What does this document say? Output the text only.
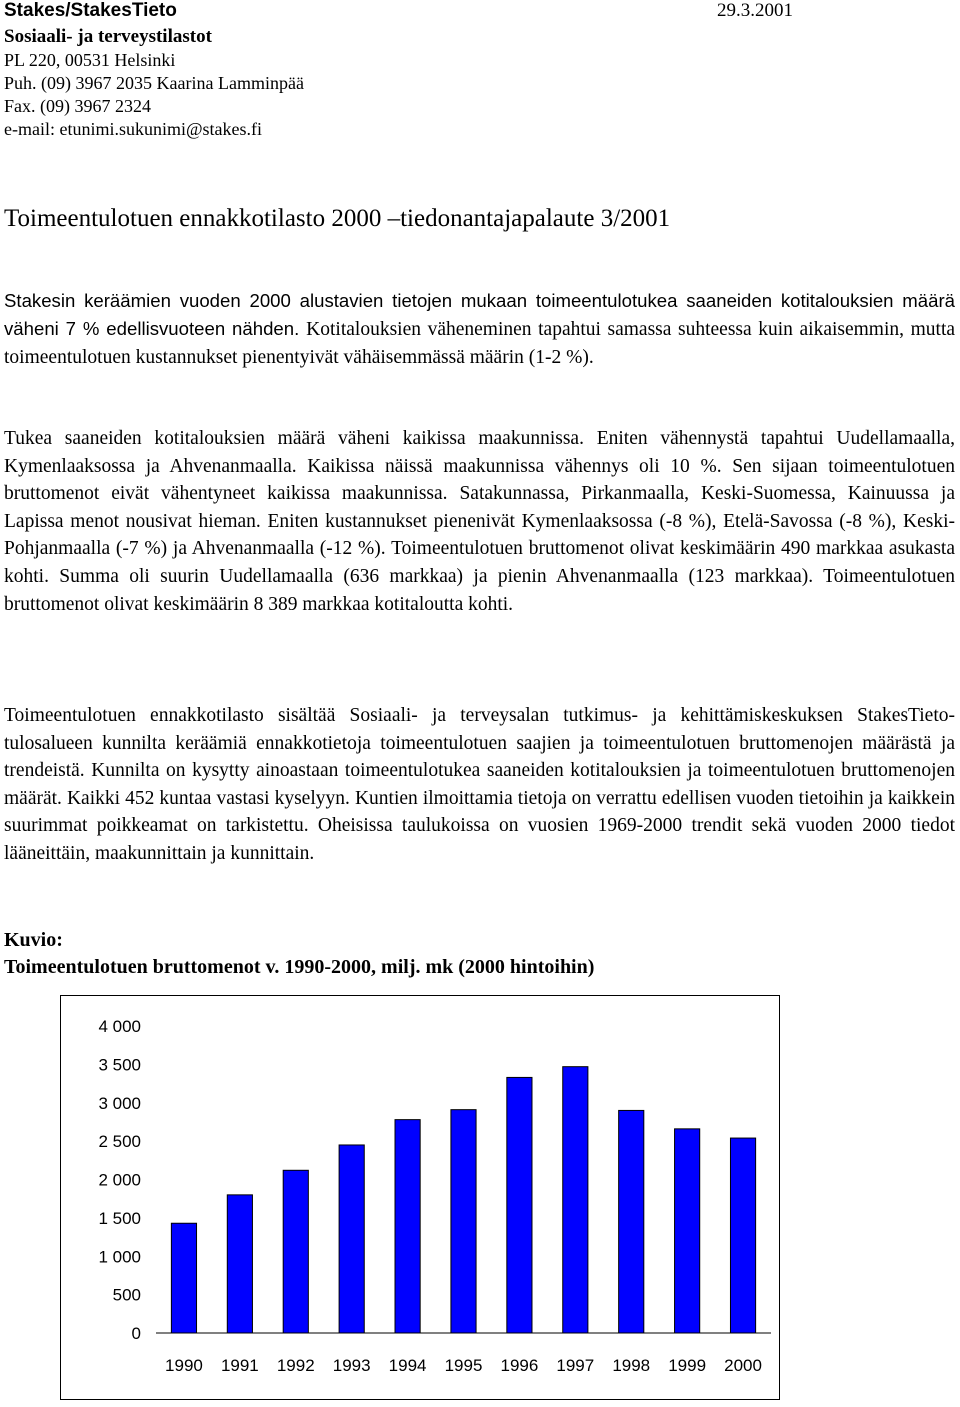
Stakes/StakesTieto	29.3.2001
Sosiaali- ja terveystilastot
PL 220, 00531 Helsinki
Puh. (09) 3967 2035 Kaarina Lamminpää
Fax. (09) 3967 2324
e-mail: etunimi.sukunimi@stakes.fi
Toimeentulotuen ennakkotilasto 2000 –tiedonantajapalaute 3/2001
Stakesin keräämien vuoden 2000 alustavien tietojen mukaan toimeentulotukea saaneiden kotitalouksien määrä väheni 7 % edellisvuoteen nähden. Kotitalouksien väheneminen tapahtui samassa suhteessa kuin aikaisemmin, mutta toimeentulotuen kustannukset pienentyivät vähäisemmässä määrin (1-2 %).
Tukea saaneiden kotitalouksien määrä väheni kaikissa maakunnissa. Eniten vähennystä tapahtui Uudellamaalla, Kymenlaaksossa ja Ahvenanmaalla. Kaikissa näissä maakunnissa vähennys oli 10 %. Sen sijaan toimeentulotuen bruttomenot eivät vähentyneet kaikissa maakunnissa. Satakunnassa, Pirkanmaalla, Keski-Suomessa, Kainuussa ja Lapissa menot nousivat hieman. Eniten kustannukset pienenivät Kymenlaaksossa (-8 %), Etelä-Savossa (-8 %), Keski-Pohjanmaalla (-7 %) ja Ahvenanmaalla (-12 %). Toimeentulotuen bruttomenot olivat keskimäärin 490 markkaa asukasta kohti. Summa oli suurin Uudellamaalla (636 markkaa) ja pienin Ahvenanmaalla (123 markkaa). Toimeentulotuen bruttomenot olivat keskimäärin 8 389 markkaa kotitaloutta kohti.
Toimeentulotuen ennakkotilasto sisältää Sosiaali- ja terveysalan tutkimus- ja kehittämiskeskuksen StakesTieto-tulosalueen kunnilta keräämiä ennakkotietoja toimeentulotuen saajien ja toimeentulotuen bruttomenojen määrästä ja trendeistä. Kunnilta on kysytty ainoastaan toimeentulotukea saaneiden kotitalouksien ja toimeentulotuen bruttomenojen määrät. Kaikki 452 kuntaa vastasi kyselyyn. Kuntien ilmoittamia tietoja on verrattu edellisen vuoden tietoihin ja kaikkein suurimmat poikkeamat on tarkistettu. Oheisissa taulukoissa on vuosien 1969-2000 trendit sekä vuoden 2000 tiedot lääneittäin, maakunnittain ja kunnittain.
Kuvio:
Toimeentulotuen bruttomenot v. 1990-2000, milj. mk (2000 hintoihin)
0
500
1 000
1 500
2 000
2 500
3 000
3 500
4 000
1990 1991 1992 1993 1994 1995 1996 1997 1998 1999 2000
